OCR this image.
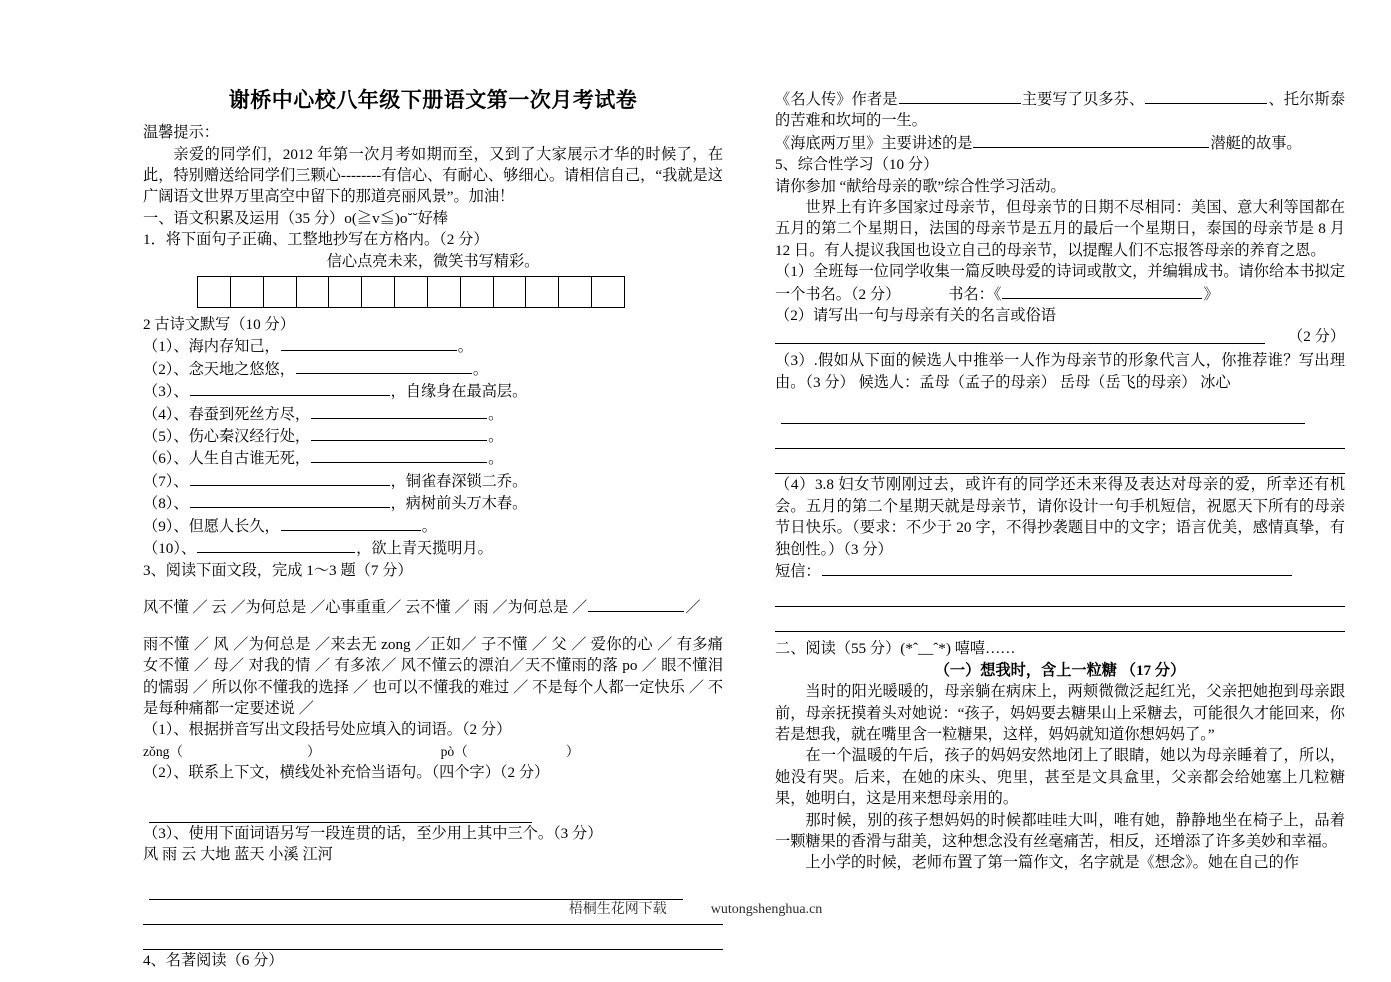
谢桥中心校八年级下册语文第一次月考试卷

温馨提示：

亲爱的同学们，2012 年第一次月考如期而至，又到了大家展示才华的时候了，在此，特别赠送给同学们三颗心--------有信心、有耐心、够细心。请相信自己，“我就是这广阔语文世界万里高空中留下的那道亮丽风景”。加油！

一、语文积累及运用（35 分）o(≧v≦)o˘˘好棒

1．将下面句子正确、工整地抄写在方格内。（2 分）

信心点亮未来，微笑书写精彩。

2 古诗文默写（10 分）

（1）、海内存知己，	。

（2）、念天地之悠悠，	。

（3）、	，自缘身在最高层。

（4）、春蚕到死丝方尽，	。

（5）、伤心秦汉经行处，	。

（6）、人生自古谁无死，	。

（7）、	，铜雀春深锁二乔。

（8）、	，病树前头万木春。

（9）、但愿人长久，	。

（10）、	，欲上青天揽明月。

3、阅读下面文段，完成 1～3 题（7 分）

风不懂 ／ 云 ／为何总是 ／心事重重／ 云不懂 ／ 雨 ／为何总是 ／	／

雨不懂 ／ 风 ／为何总是 ／来去无 zong ／正如／ 子不懂 ／ 父 ／ 爱你的心 ／ 有多痛 女不懂 ／ 母／ 对我的情 ／ 有多浓／ 风不懂云的漂泊／天不懂雨的落 po ／ 眼不懂泪的懦弱 ／ 所以你不懂我的选择 ／ 也可以不懂我的难过 ／ 不是每个人都一定快乐 ／ 不是每种痛都一定要述说 ／

（1）、根据拼音写出文段括号处应填入的词语。（2 分）

zǒng（	）	pò（	）

（2）、联系上下文，横线处补充恰当语句。（四个字）（2 分）

（3）、使用下面词语另写一段连贯的话，至少用上其中三个。（3 分）

风 雨 云 大地 蓝天 小溪 江河

4、名著阅读（6 分）

《名人传》作者是	主要写了贝多芬、	、托尔斯泰的苦难和坎坷的一生。

《海底两万里》主要讲述的是	潜艇的故事。

5、综合性学习（10 分）

请你参加 “献给母亲的歌”综合性学习活动。

世界上有许多国家过母亲节，但母亲节的日期不尽相同：美国、意大利等国都在五月的第二个星期日，法国的母亲节是五月的最后一个星期日，泰国的母亲节是 8 月 12 日。有人提议我国也设立自己的母亲节，以提醒人们不忘报答母亲的养育之恩。

（1）全班每一位同学收集一篇反映母爱的诗词或散文，并编辑成书。请你给本书拟定一个书名。（2 分）	书名：《	》

（2）请写出一句与母亲有关的名言或俗语

（2 分）

（3）.假如从下面的候选人中推举一人作为母亲节的形象代言人，你推荐谁？写出理由。（3 分） 候选人：孟母（孟子的母亲） 岳母（岳飞的母亲） 冰心

（4）3.8 妇女节刚刚过去，或许有的同学还未来得及表达对母亲的爱，所幸还有机会。五月的第二个星期天就是母亲节，请你设计一句手机短信，祝愿天下所有的母亲节日快乐。（要求：不少于 20 字，不得抄袭题目中的文字；语言优美，感情真挚，有独创性。）（3 分）

短信：

二、阅读（55 分）(*ˆ__ˆ*) 嘻嘻……

（一）想我时，含上一粒糖 （17 分）

当时的阳光暖暖的，母亲躺在病床上，两颊微微泛起红光，父亲把她抱到母亲跟前，母亲抚摸着头对她说：“孩子，妈妈要去糖果山上采糖去，可能很久才能回来，你若是想我，就在嘴里含一粒糖果，这样，妈妈就知道你想妈妈了。”

在一个温暖的午后，孩子的妈妈安然地闭上了眼睛，她以为母亲睡着了，所以，她没有哭。后来，在她的床头、兜里，甚至是文具盒里，父亲都会给她塞上几粒糖果，她明白，这是用来想母亲用的。

那时候，别的孩子想妈妈的时候都哇哇大叫，唯有她，静静地坐在椅子上，品着一颗糖果的香滑与甜美，这种想念没有丝毫痛苦，相反，还增添了许多美妙和幸福。

上小学的时候，老师布置了第一篇作文，名字就是《想念》。她在自己的作

梧桐生花网下载	wutongshenghua.cn
